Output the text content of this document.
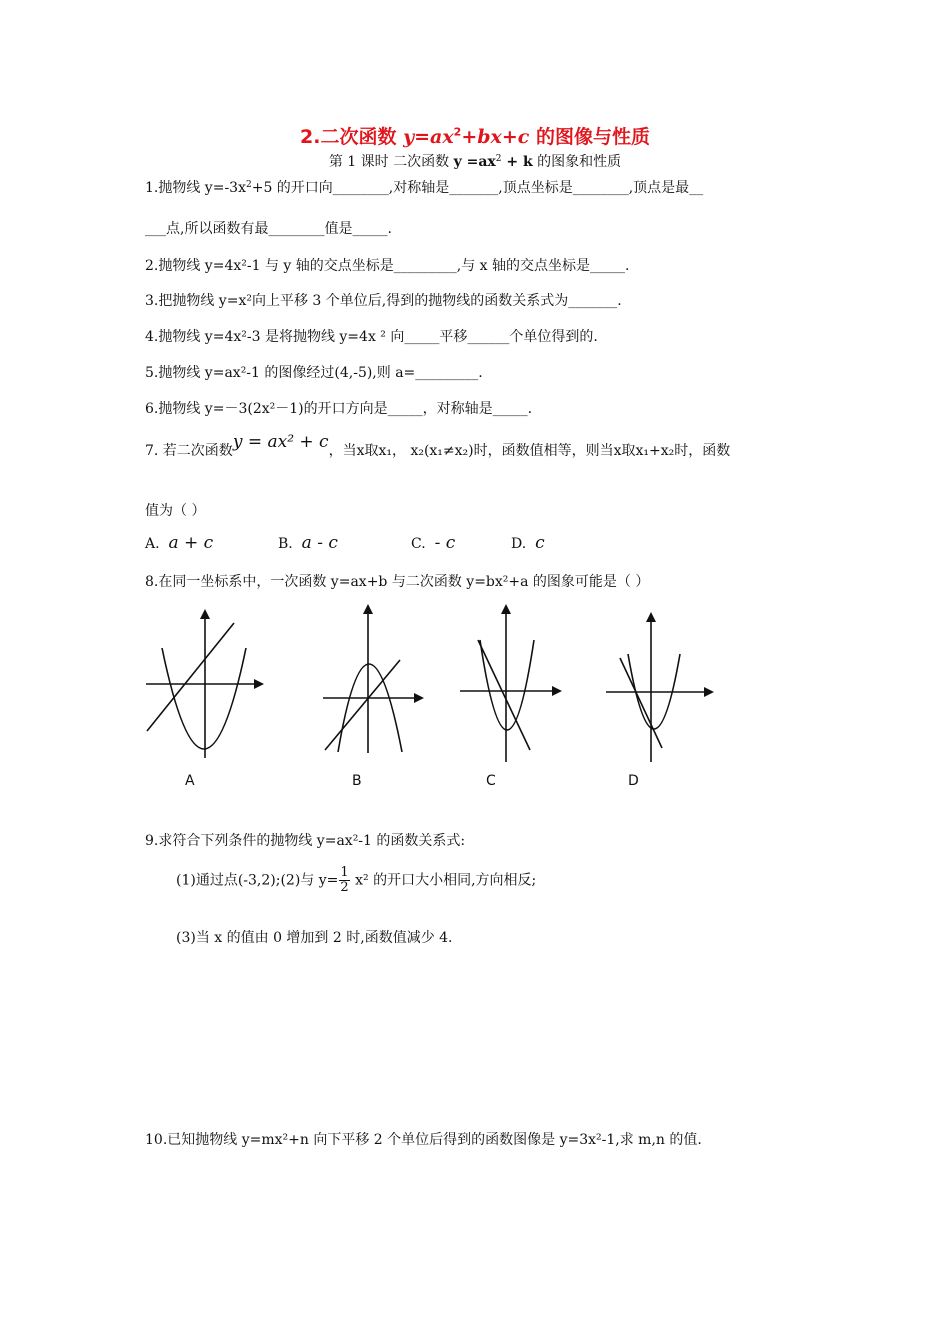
2.二次函数 $y=ax^2+bx+c$ 的图像与性质
第 1 课时 二次函数 $y =ax^2 + k$ 的图象和性质
1.抛物线 $y=-3x^2+5$ 的开口向________,对称轴是_______,顶点坐标是________,顶点是最__
___点,所以函数有最________值是_____.
2.抛物线 y=4x²-1 与 y 轴的交点坐标是_________,与 x 轴的交点坐标是_____.
3.把抛物线 y=x²向上平移 3 个单位后,得到的抛物线的函数关系式为_______.
4.抛物线 y=4x²-3 是将抛物线 y=4x ² 向_____平移______个单位得到的.
5.抛物线 y=ax²-1 的图像经过(4,-5),则 a=_________.
6.抛物线 y=－3(2x²－1)的开口方向是_____，对称轴是_____.
7. 若二次函数y = ax² + c，当x取x₁， x₂(x₁≠x₂)时，函数值相等，则当x取x₁+x₂时，函数
值为（ ）
A. a + c	B. a - c	C. - c	D. c
8.在同一坐标系中，一次函数 y=ax+b 与二次函数 y=bx²+a 的图象可能是（ ）
A	B	C	D
9.求符合下列条件的抛物线 y=ax²-1 的函数关系式:
(1)通过点(-3,2);(2)与 $y= \frac{1}{2} x^2$ 的开口大小相同,方向相反;
(3)当 x 的值由 0 增加到 2 时,函数值减少 4.
10.已知抛物线 y=mx²+n 向下平移 2 个单位后得到的函数图像是 y=3x²-1,求 m,n 的值.
